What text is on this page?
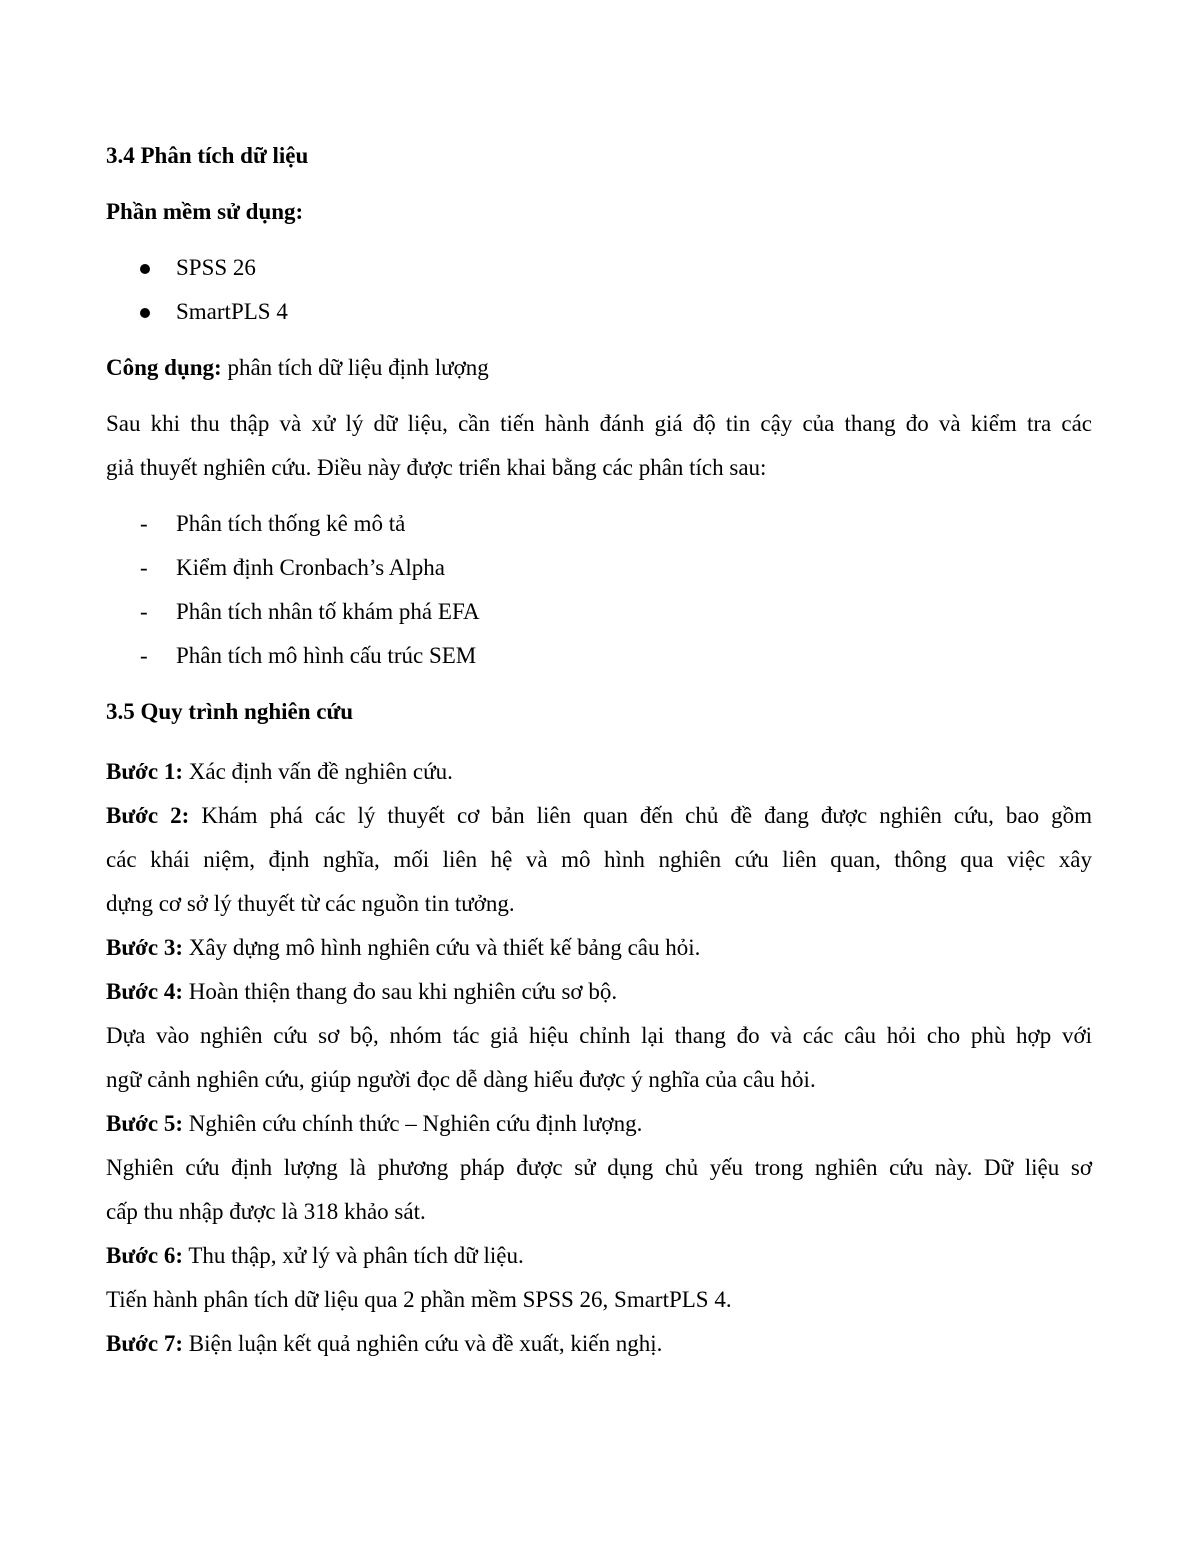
3.4 Phân tích dữ liệu
Phần mềm sử dụng:
SPSS 26
SmartPLS 4
Công dụng: phân tích dữ liệu định lượng
Sau khi thu thập và xử lý dữ liệu, cần tiến hành đánh giá độ tin cậy của thang đo và kiểm tra các
giả thuyết nghiên cứu. Điều này được triển khai bằng các phân tích sau:
- Phân tích thống kê mô tả
- Kiểm định Cronbach’s Alpha
- Phân tích nhân tố khám phá EFA
- Phân tích mô hình cấu trúc SEM
3.5 Quy trình nghiên cứu
Bước 1: Xác định vấn đề nghiên cứu.
Bước 2: Khám phá các lý thuyết cơ bản liên quan đến chủ đề đang được nghiên cứu, bao gồm
các khái niệm, định nghĩa, mối liên hệ và mô hình nghiên cứu liên quan, thông qua việc xây
dựng cơ sở lý thuyết từ các nguồn tin tưởng.
Bước 3: Xây dựng mô hình nghiên cứu và thiết kế bảng câu hỏi.
Bước 4: Hoàn thiện thang đo sau khi nghiên cứu sơ bộ.
Dựa vào nghiên cứu sơ bộ, nhóm tác giả hiệu chỉnh lại thang đo và các câu hỏi cho phù hợp với
ngữ cảnh nghiên cứu, giúp người đọc dễ dàng hiểu được ý nghĩa của câu hỏi.
Bước 5: Nghiên cứu chính thức – Nghiên cứu định lượng.
Nghiên cứu định lượng là phương pháp được sử dụng chủ yếu trong nghiên cứu này. Dữ liệu sơ
cấp thu nhập được là 318 khảo sát.
Bước 6: Thu thập, xử lý và phân tích dữ liệu.
Tiến hành phân tích dữ liệu qua 2 phần mềm SPSS 26, SmartPLS 4.
Bước 7: Biện luận kết quả nghiên cứu và đề xuất, kiến nghị.
